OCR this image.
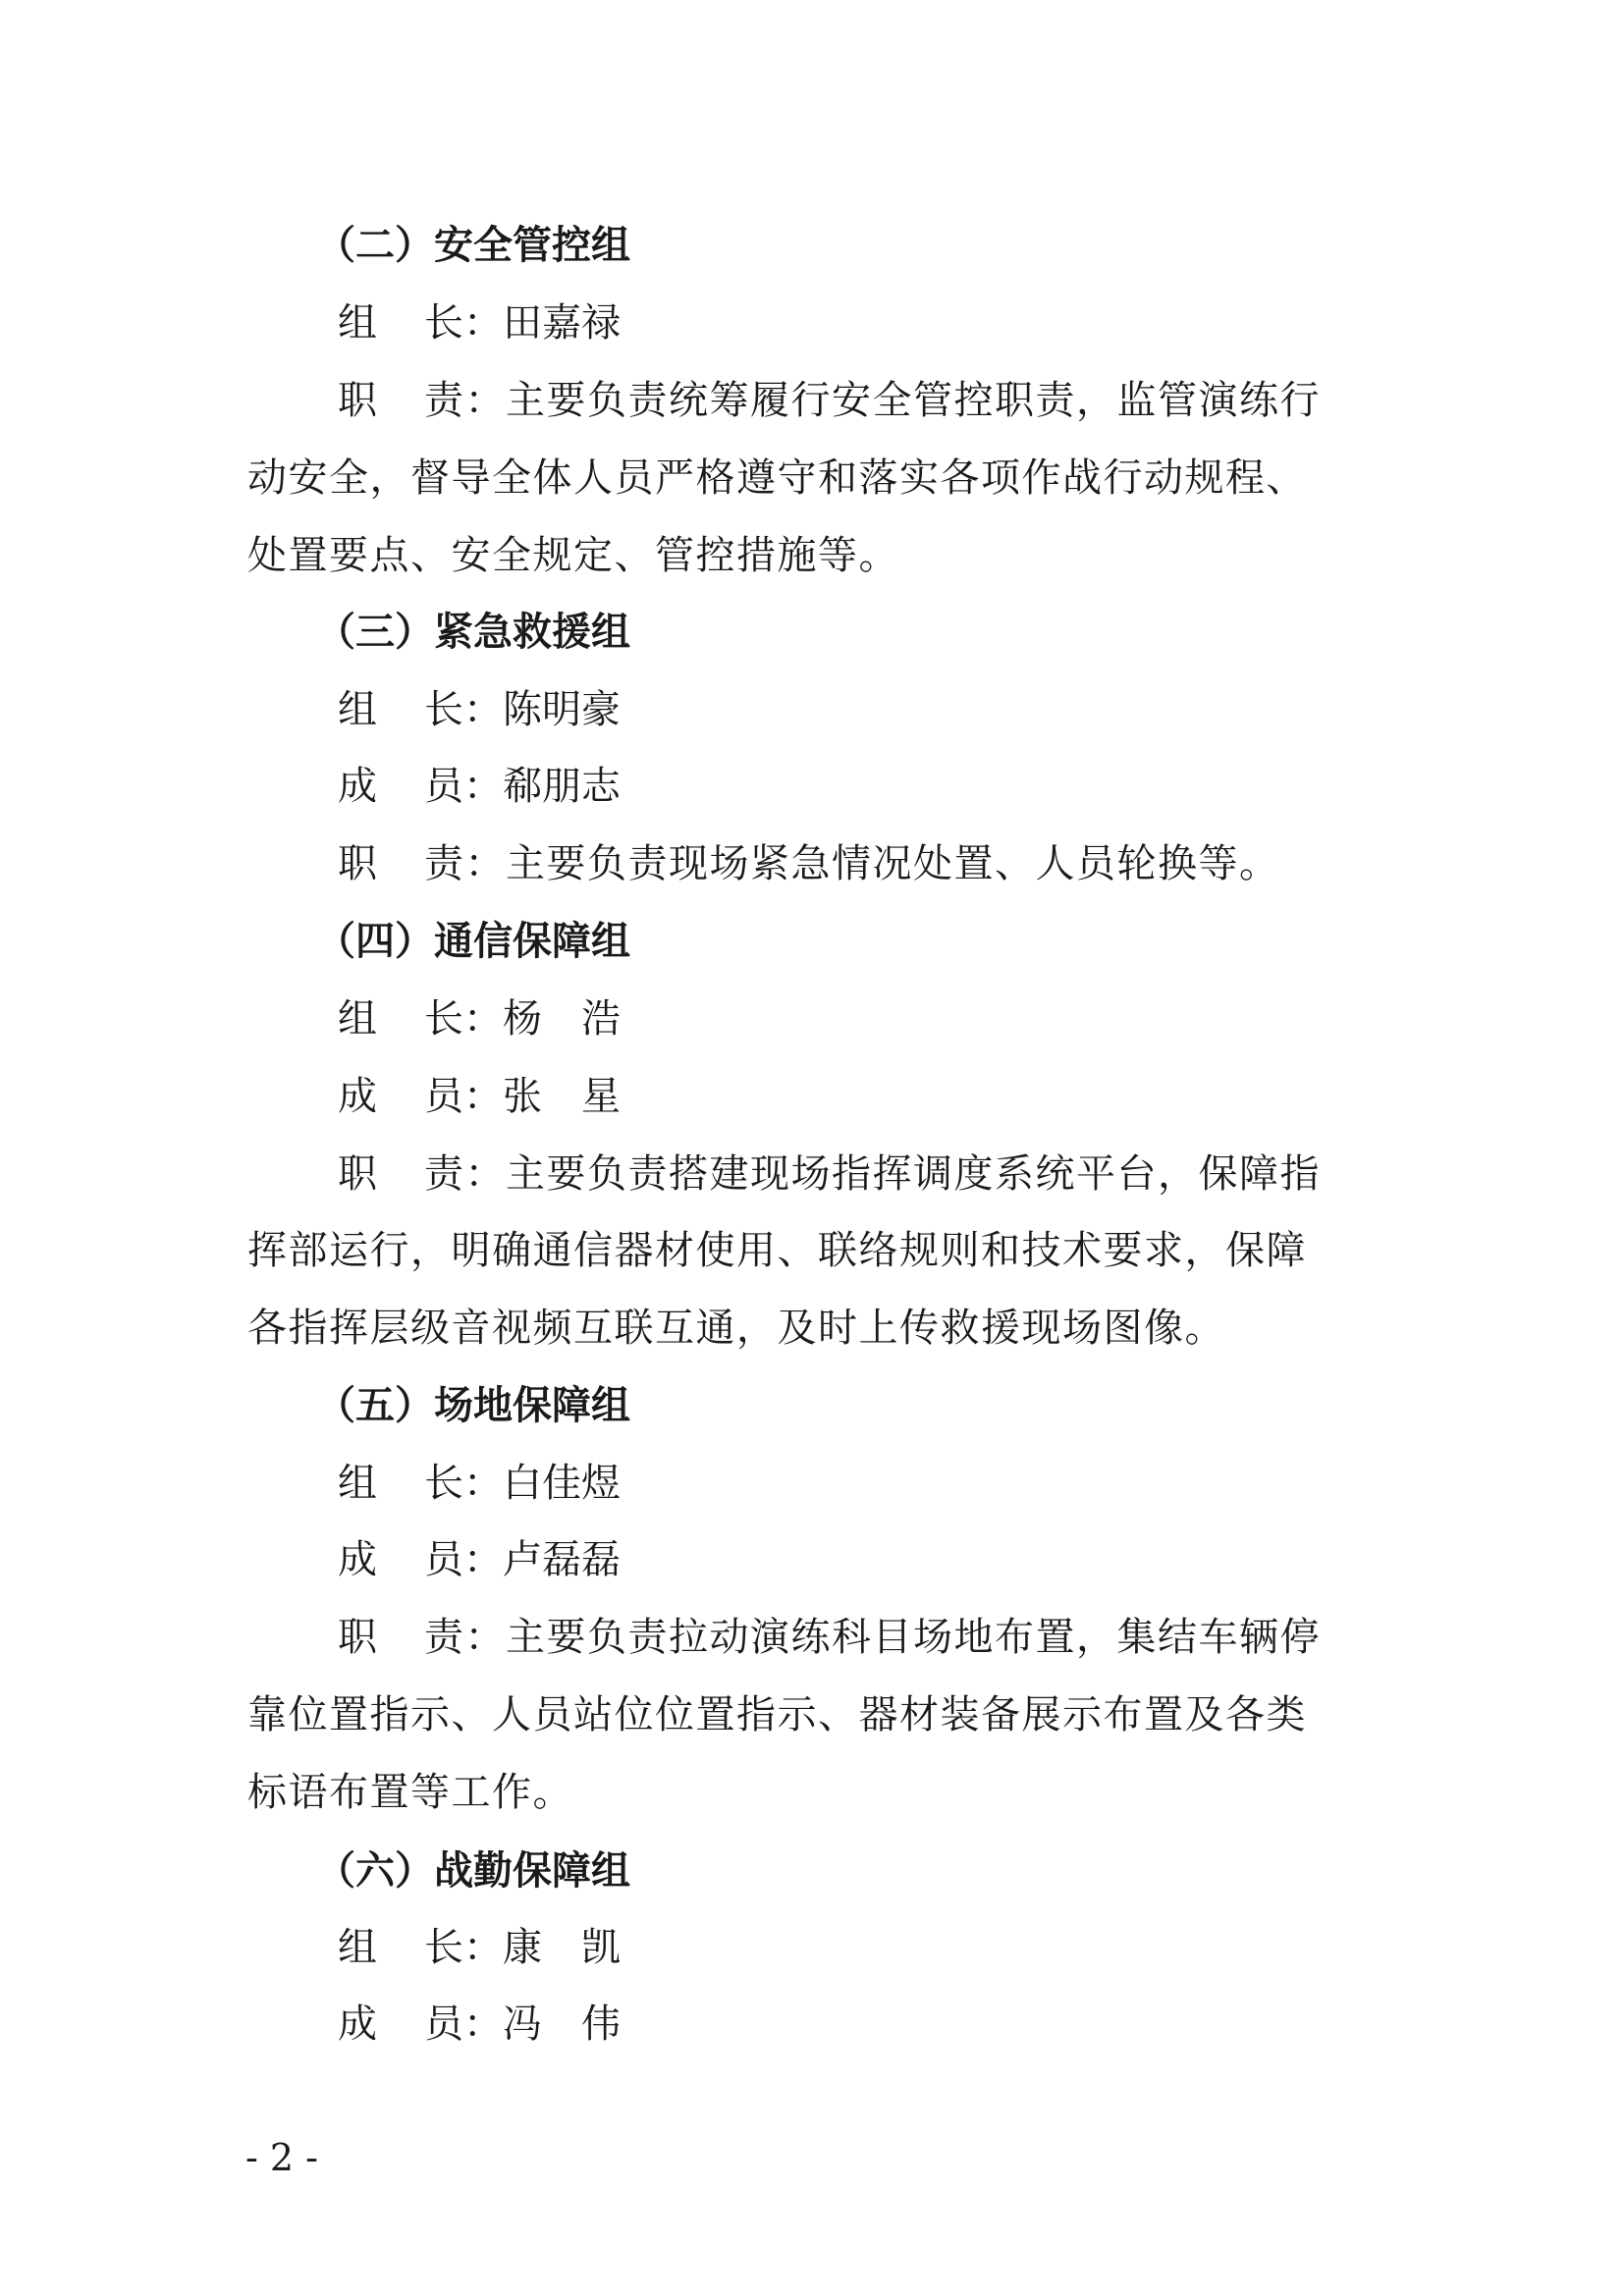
（二）安全管控组
组 长：田嘉禄
职 责：主要负责统筹履行安全管控职责，监管演练行
动安全，督导全体人员严格遵守和落实各项作战行动规程、
处置要点、安全规定、管控措施等。
（三）紧急救援组
组 长：陈明豪
成 员：郗朋志
职 责：主要负责现场紧急情况处置、人员轮换等。
（四）通信保障组
组 长：杨　浩
成 员：张　星
职 责：主要负责搭建现场指挥调度系统平台，保障指
挥部运行，明确通信器材使用、联络规则和技术要求，保障
各指挥层级音视频互联互通，及时上传救援现场图像。
（五）场地保障组
组 长：白佳煜
成 员：卢磊磊
职 责：主要负责拉动演练科目场地布置，集结车辆停
靠位置指示、人员站位位置指示、器材装备展示布置及各类
标语布置等工作。
（六）战勤保障组
组 长：康　凯
成 员：冯　伟
- 2 -
